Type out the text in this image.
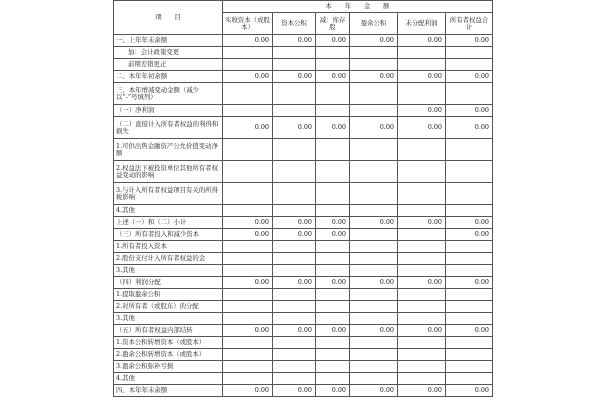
项　　目	本　　年　　金　　额					
	实收资本（或股本）	资本公积	减：库存股	盈余公积	未分配利润	所有者权益合计
一、上年年末余额	0.00	0.00	0.00	0.00	0.00	0.00
加：会计政策变更						
前期差错更正						
二、本年年初余额	0.00	0.00	0.00	0.00	0.00	0.00
三、本年增减变动金额（减少以“-”号填列）						
（一）净利润					0.00	0.00
（二）直接计入所有者权益的利得和损失	0.00	0.00	0.00	0.00	0.00	0.00
1.可供出售金融资产公允价值变动净额						
2.权益法下被投资单位其他所有者权益变动的影响						
3.与计入所有者权益项目有关的所得税影响						
4.其他						
上述（一）和（二）小计	0.00	0.00	0.00	0.00	0.00	0.00
（三）所有者投入和减少资本	0.00	0.00	0.00			0.00
1.所有者投入资本						
2.股份支付计入所有者权益的金						
3.其他						
（四）利润分配	0.00	0.00	0.00	0.00	0.00	0.00
1.提取盈余公积						
2.对所有者（或股东）的分配						
3.其他						
（五）所有者权益内部结转	0.00	0.00	0.00	0.00	0.00	0.00
1.资本公积转增资本（或股本）						
2.盈余公积转增资本（或股本）						
3.盈余公积弥补亏损						
4.其他						
四、本年年末余额	0.00	0.00	0.00	0.00	0.00	0.00
